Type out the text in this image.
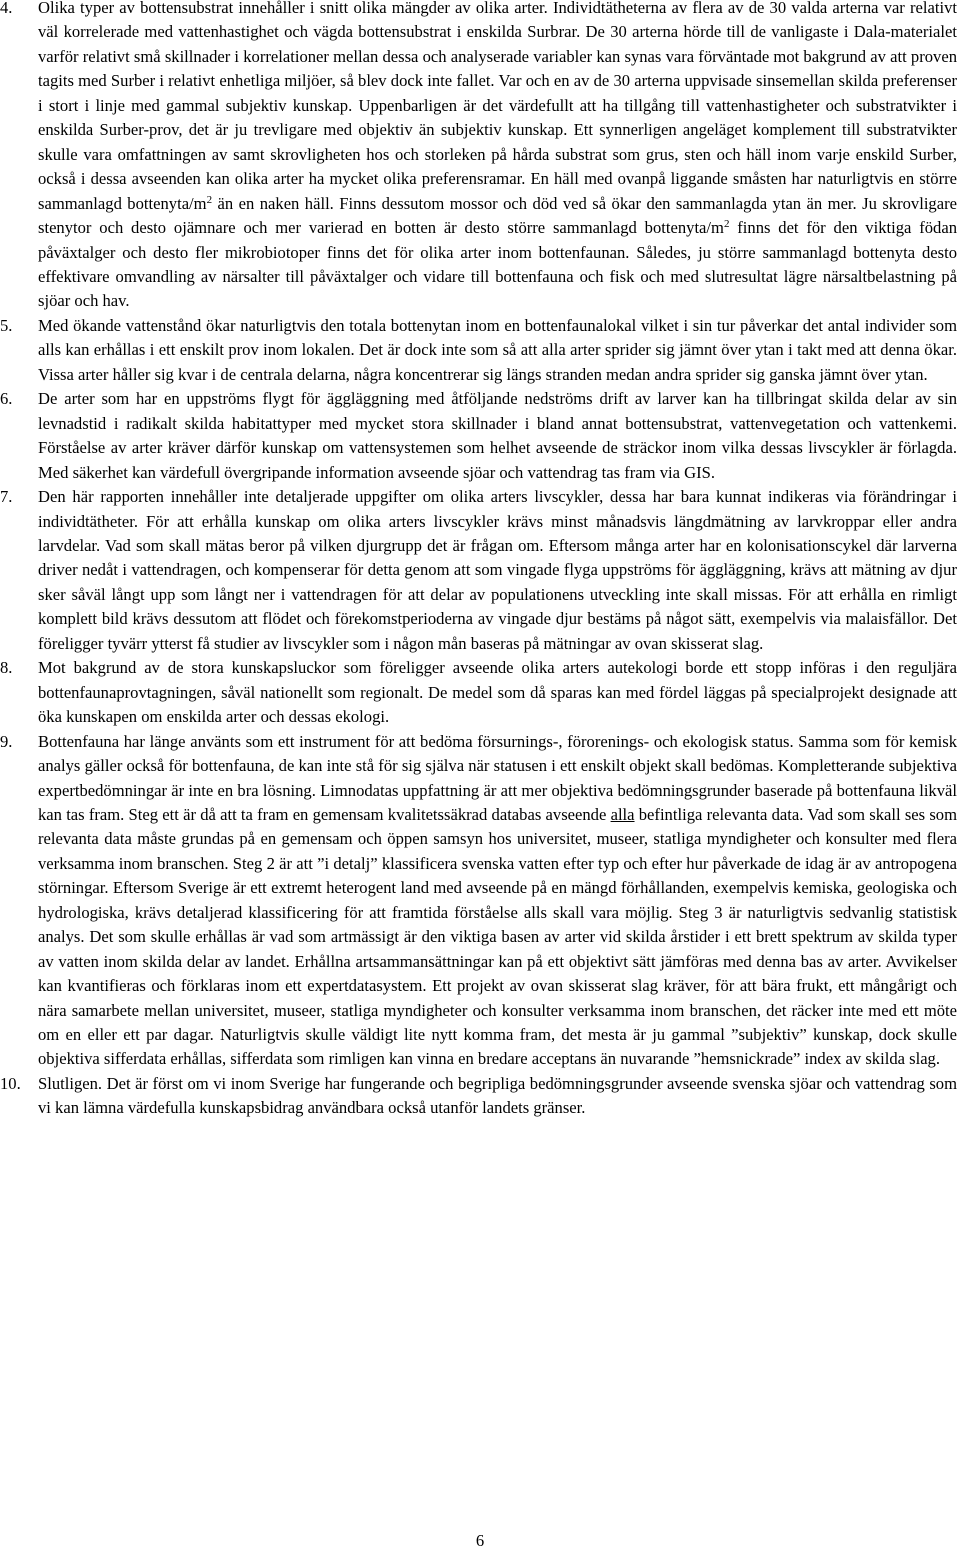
4.	Olika typer av bottensubstrat innehåller i snitt olika mängder av olika arter. Individtätheterna av flera av de 30 valda arterna var relativt väl korrelerade med vattenhastighet och vägda bottensubstrat i enskilda Surbrar. De 30 arterna hörde till de vanligaste i Dala-materialet varför relativt små skillnader i korrelationer mellan dessa och analyserade variabler kan synas vara förväntade mot bakgrund av att proven tagits med Surber i relativt enhetliga miljöer, så blev dock inte fallet. Var och en av de 30 arterna uppvisade sinsemellan skilda preferenser i stort i linje med gammal subjektiv kunskap. Uppenbarligen är det värdefullt att ha tillgång till vattenhastigheter och substratvikter i enskilda Surber-prov, det är ju trevligare med objektiv än subjektiv kunskap. Ett synnerligen angeläget komplement till substratvikter skulle vara omfattningen av samt skrovligheten hos och storleken på hårda substrat som grus, sten och häll inom varje enskild Surber, också i dessa avseenden kan olika arter ha mycket olika preferensramar. En häll med ovanpå liggande småsten har naturligtvis en större sammanlagd bottenyta/$m^2$ än en naken häll. Finns dessutom mossor och död ved så ökar den sammanlagda ytan än mer. Ju skrovligare stenytor och desto ojämnare och mer varierad en botten är desto större sammanlagd bottenyta/$m^2$ finns det för den viktiga födan påväxtalger och desto fler mikrobiotoper finns det för olika arter inom bottenfaunan. Således, ju större sammanlagd bottenyta desto effektivare omvandling av närsalter till påväxtalger och vidare till bottenfauna och fisk och med slutresultat lägre närsaltbelastning på sjöar och hav.

5.	Med ökande vattenstånd ökar naturligtvis den totala bottenytan inom en bottenfaunalokal vilket i sin tur påverkar det antal individer som alls kan erhållas i ett enskilt prov inom lokalen. Det är dock inte som så att alla arter sprider sig jämnt över ytan i takt med att denna ökar. Vissa arter håller sig kvar i de centrala delarna, några koncentrerar sig längs stranden medan andra sprider sig ganska jämnt över ytan.

6.	De arter som har en uppströms flygt för äggläggning med åtföljande nedströms drift av larver kan ha tillbringat skilda delar av sin levnadstid i radikalt skilda habitattyper med mycket stora skillnader i bland annat bottensubstrat, vattenvegetation och vattenkemi. Förståelse av arter kräver därför kunskap om vattensystemen som helhet avseende de sträckor inom vilka dessas livscykler är förlagda. Med säkerhet kan värdefull övergripande information avseende sjöar och vattendrag tas fram via GIS.

7.	Den här rapporten innehåller inte detaljerade uppgifter om olika arters livscykler, dessa har bara kunnat indikeras via förändringar i individtätheter. För att erhålla kunskap om olika arters livscykler krävs minst månadsvis längdmätning av larvkroppar eller andra larvdelar. Vad som skall mätas beror på vilken djurgrupp det är frågan om. Eftersom många arter har en kolonisationscykel där larverna driver nedåt i vattendragen, och kompenserar för detta genom att som vingade flyga uppströms för äggläggning, krävs att mätning av djur sker såväl långt upp som långt ner i vattendragen för att delar av populationens utveckling inte skall missas. För att erhålla en rimligt komplett bild krävs dessutom att flödet och förekomstperioderna av vingade djur bestäms på något sätt, exempelvis via malaisfällor. Det föreligger tyvärr ytterst få studier av livscykler som i någon mån baseras på mätningar av ovan skisserat slag.

8.	Mot bakgrund av de stora kunskapsluckor som föreligger avseende olika arters autekologi borde ett stopp införas i den reguljära bottenfaunaprovtagningen, såväl nationellt som regionalt. De medel som då sparas kan med fördel läggas på specialprojekt designade att öka kunskapen om enskilda arter och dessas ekologi.

9.	Bottenfauna har länge använts som ett instrument för att bedöma försurnings-, förorenings- och ekologisk status. Samma som för kemisk analys gäller också för bottenfauna, de kan inte stå för sig själva när statusen i ett enskilt objekt skall bedömas. Kompletterande subjektiva expertbedömningar är inte en bra lösning. Limnodatas uppfattning är att mer objektiva bedömningsgrunder baserade på bottenfauna likväl kan tas fram. Steg ett är då att ta fram en gemensam kvalitetssäkrad databas avseende alla befintliga relevanta data. Vad som skall ses som relevanta data måste grundas på en gemensam och öppen samsyn hos universitet, museer, statliga myndigheter och konsulter med flera verksamma inom branschen. Steg 2 är att ”i detalj” klassificera svenska vatten efter typ och efter hur påverkade de idag är av antropogena störningar. Eftersom Sverige är ett extremt heterogent land med avseende på en mängd förhållanden, exempelvis kemiska, geologiska och hydrologiska, krävs detaljerad klassificering för att framtida förståelse alls skall vara möjlig. Steg 3 är naturligtvis sedvanlig statistisk analys. Det som skulle erhållas är vad som artmässigt är den viktiga basen av arter vid skilda årstider i ett brett spektrum av skilda typer av vatten inom skilda delar av landet. Erhållna artsammansättningar kan på ett objektivt sätt jämföras med denna bas av arter. Avvikelser kan kvantifieras och förklaras inom ett expertdatasystem. Ett projekt av ovan skisserat slag kräver, för att bära frukt, ett mångårigt och nära samarbete mellan universitet, museer, statliga myndigheter och konsulter verksamma inom branschen, det räcker inte med ett möte om en eller ett par dagar. Naturligtvis skulle väldigt lite nytt komma fram, det mesta är ju gammal ”subjektiv” kunskap, dock skulle objektiva sifferdata erhållas, sifferdata som rimligen kan vinna en bredare acceptans än nuvarande ”hemsnickrade” index av skilda slag.

10.	Slutligen. Det är först om vi inom Sverige har fungerande och begripliga bedömningsgrunder avseende svenska sjöar och vattendrag som vi kan lämna värdefulla kunskapsbidrag användbara också utanför landets gränser.

6
